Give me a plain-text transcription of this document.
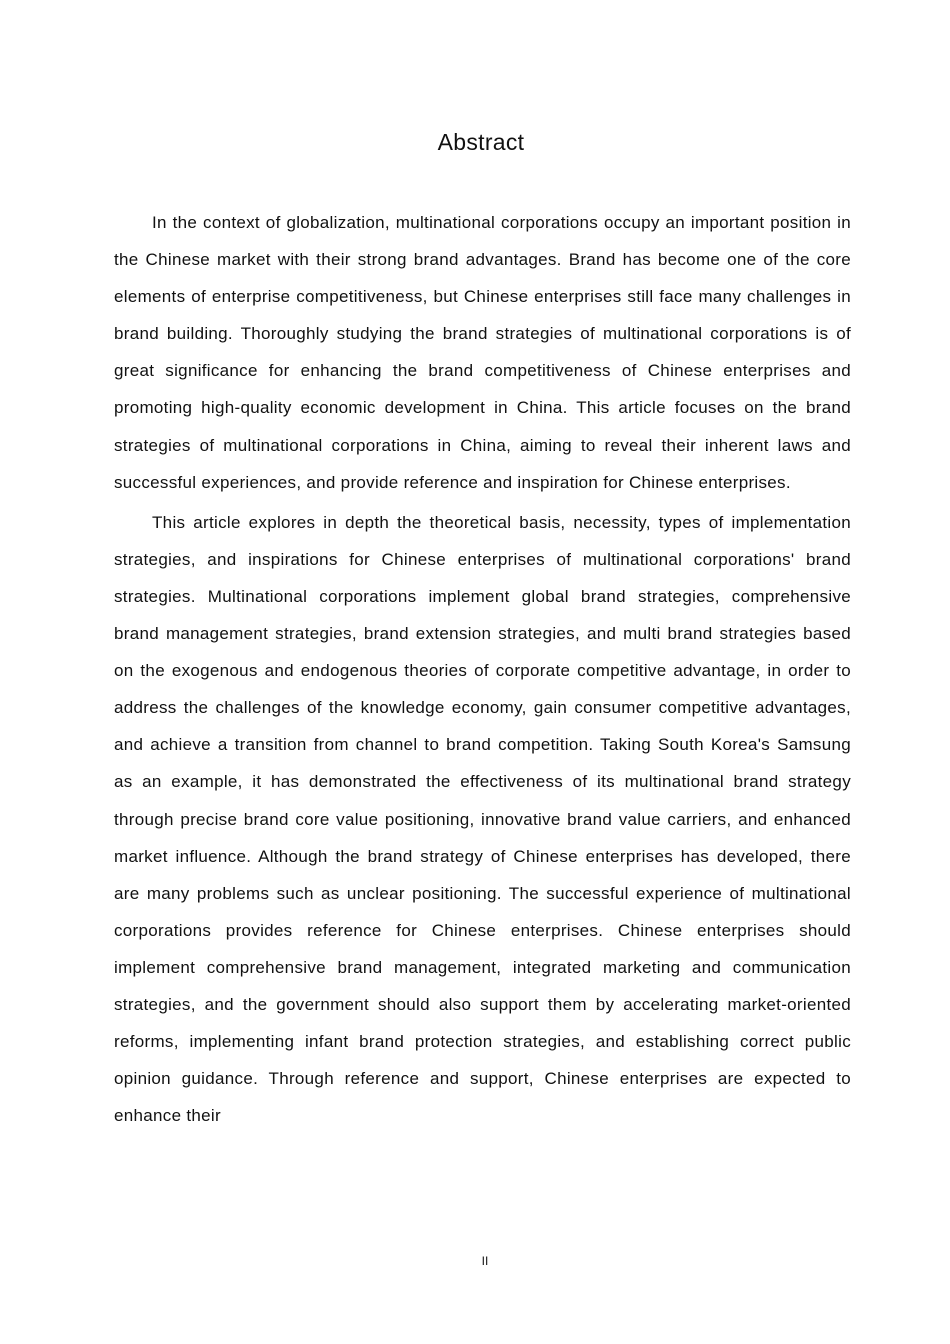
Abstract

In the context of globalization, multinational corporations occupy an important position in the Chinese market with their strong brand advantages. Brand has become one of the core elements of enterprise competitiveness, but Chinese enterprises still face many challenges in brand building. Thoroughly studying the brand strategies of multinational corporations is of great significance for enhancing the brand competitiveness of Chinese enterprises and promoting high-quality economic development in China. This article focuses on the brand strategies of multinational corporations in China, aiming to reveal their inherent laws and successful experiences, and provide reference and inspiration for Chinese enterprises.

This article explores in depth the theoretical basis, necessity, types of implementation strategies, and inspirations for Chinese enterprises of multinational corporations' brand strategies. Multinational corporations implement global brand strategies, comprehensive brand management strategies, brand extension strategies, and multi brand strategies based on the exogenous and endogenous theories of corporate competitive advantage, in order to address the challenges of the knowledge economy, gain consumer competitive advantages, and achieve a transition from channel to brand competition. Taking South Korea's Samsung as an example, it has demonstrated the effectiveness of its multinational brand strategy through precise brand core value positioning, innovative brand value carriers, and enhanced market influence. Although the brand strategy of Chinese enterprises has developed, there are many problems such as unclear positioning. The successful experience of multinational corporations provides reference for Chinese enterprises. Chinese enterprises should implement comprehensive brand management, integrated marketing and communication strategies, and the government should also support them by accelerating market-oriented reforms, implementing infant brand protection strategies, and establishing correct public opinion guidance. Through reference and support, Chinese enterprises are expected to enhance their

II
